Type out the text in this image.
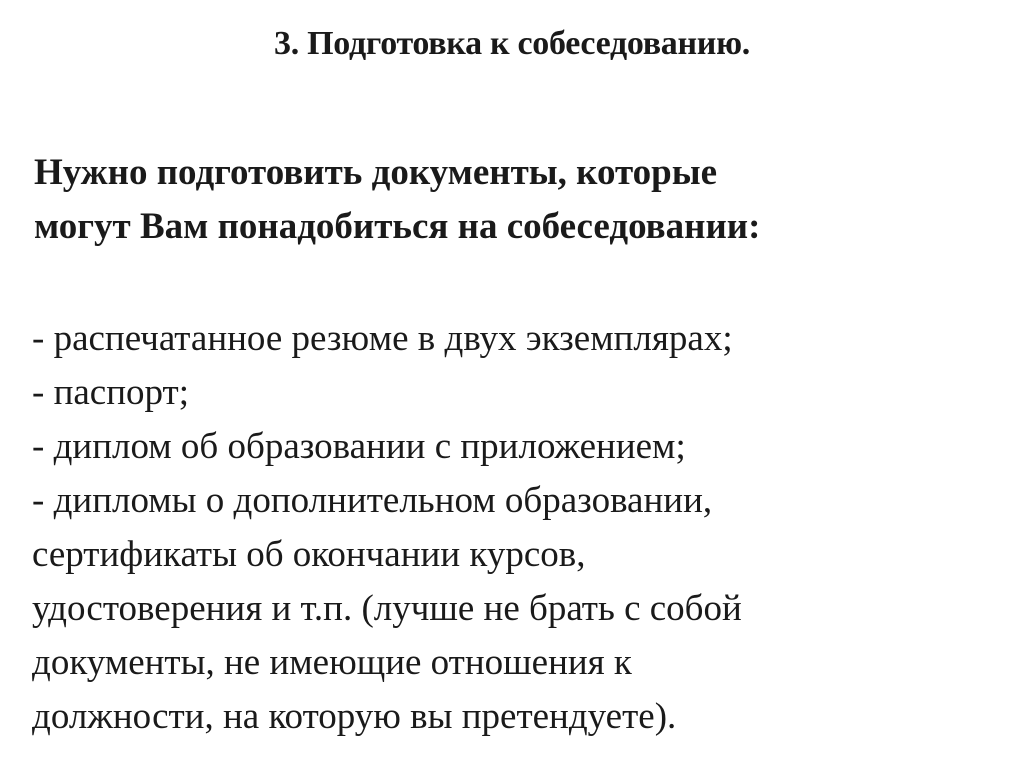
3. Подготовка к собеседованию.

Нужно подготовить документы, которые
могут Вам понадобиться на собеседовании:

- распечатанное резюме в двух экземплярах;
- паспорт;
- диплом об образовании с приложением;
- дипломы о дополнительном образовании,
сертификаты об окончании курсов,
удостоверения и т.п. (лучше не брать с собой
документы, не имеющие отношения к
должности, на которую вы претендуете).
